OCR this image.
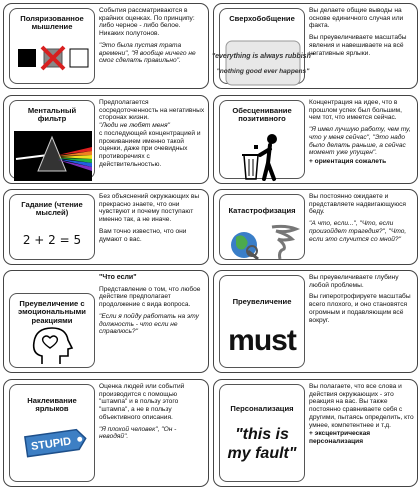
Поляризованное мышление

События рассматриваются в крайних оценках. По принципу: либо черное - либо белое. Никаких полутонов.

"Это была пустая трата времени", "Я вообще ничего не смог сделать правильно".

Сверхобобщение
"everything is always rubbish"
"nothing good ever happens"

Вы делаете общие выводы на основе единичного случая или факта.

Вы преувеличиваете масштабы явления и навешиваете на всё негативные ярлыки.

Ментальный фильтр

Предполагается сосредоточенность на негативных сторонах жизни.

"Люди не любят меня"

с последующей концентрацией и проживанием именно такой оценки, даже при очевидных противоречиях с действительностью.

Обесценивание позитивного

Концентрация на идее, что в прошлом успех был большим, чем тот, что имеется сейчас.

"Я имел лучшую работу, чем ту, что у меня сейчас", "Это надо было делать раньше, а сейчас момент уже упущен".

+ ориентация сожалеть

Гадание (чтение мыслей)
2 + 2 = 5

Без объяснений окружающих вы прекрасно знаете, что они чувствуют и почему поступают именно так, а не иначе.

Вам точно известно, что они думают о вас.

Катастрофизация

Вы постоянно ожидаете и представляете надвигающуюся беду.

"А что, если...", "Что, если произойдет трагедия?", "Что, если это случится со мной?"

Преувеличение с эмоциональными реакциями

"Что если"

Представление о том, что любое действие предполагает продолжение с вида вопроса.

"Если я пойду работать на эту должность - что если не справлюсь?"

Преувеличение
must

Вы преувеличиваете глубину любой проблемы.

Вы гиперотрофируете масштабы всего плохого, и оно становятся огромным и подавляющим всё вокруг.

Наклеивание ярлыков
STUPID

Оценка людей или событий производится с помощью "штампа" и в пользу этого "штампа", а не в пользу объективного описания.

"Я плохой человек", "Он - неводяй".

Персонализация
"this is my fault"

Вы полагаете, что все слова и действия окружающих - это реакция на вас. Вы также постоянно сравниваете себя с другими, пытаясь определить, кто умнее, компетентнее и т.д.

+ эксцентрическая персонализация
